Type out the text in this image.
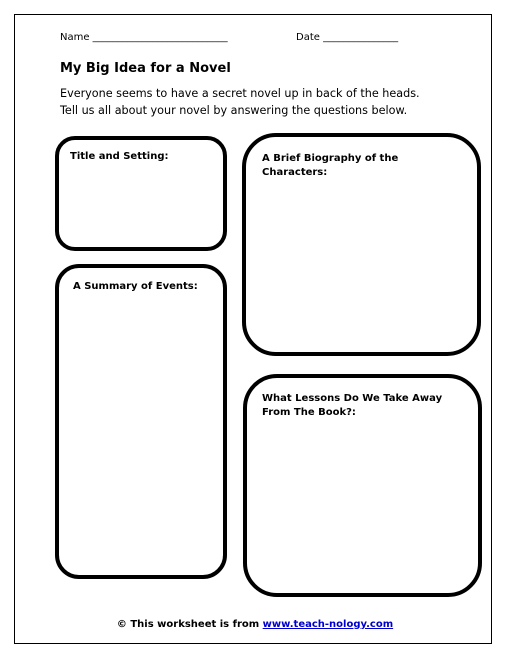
Name ___________________________	Date _______________
My Big Idea for a Novel
Everyone seems to have a secret novel up in back of the heads.
Tell us all about your novel by answering the questions below.
Title and Setting:	A Brief Biography of the Characters:
A Summary of Events:
What Lessons Do We Take Away From The Book?:
© This worksheet is from www.teach-nology.com
